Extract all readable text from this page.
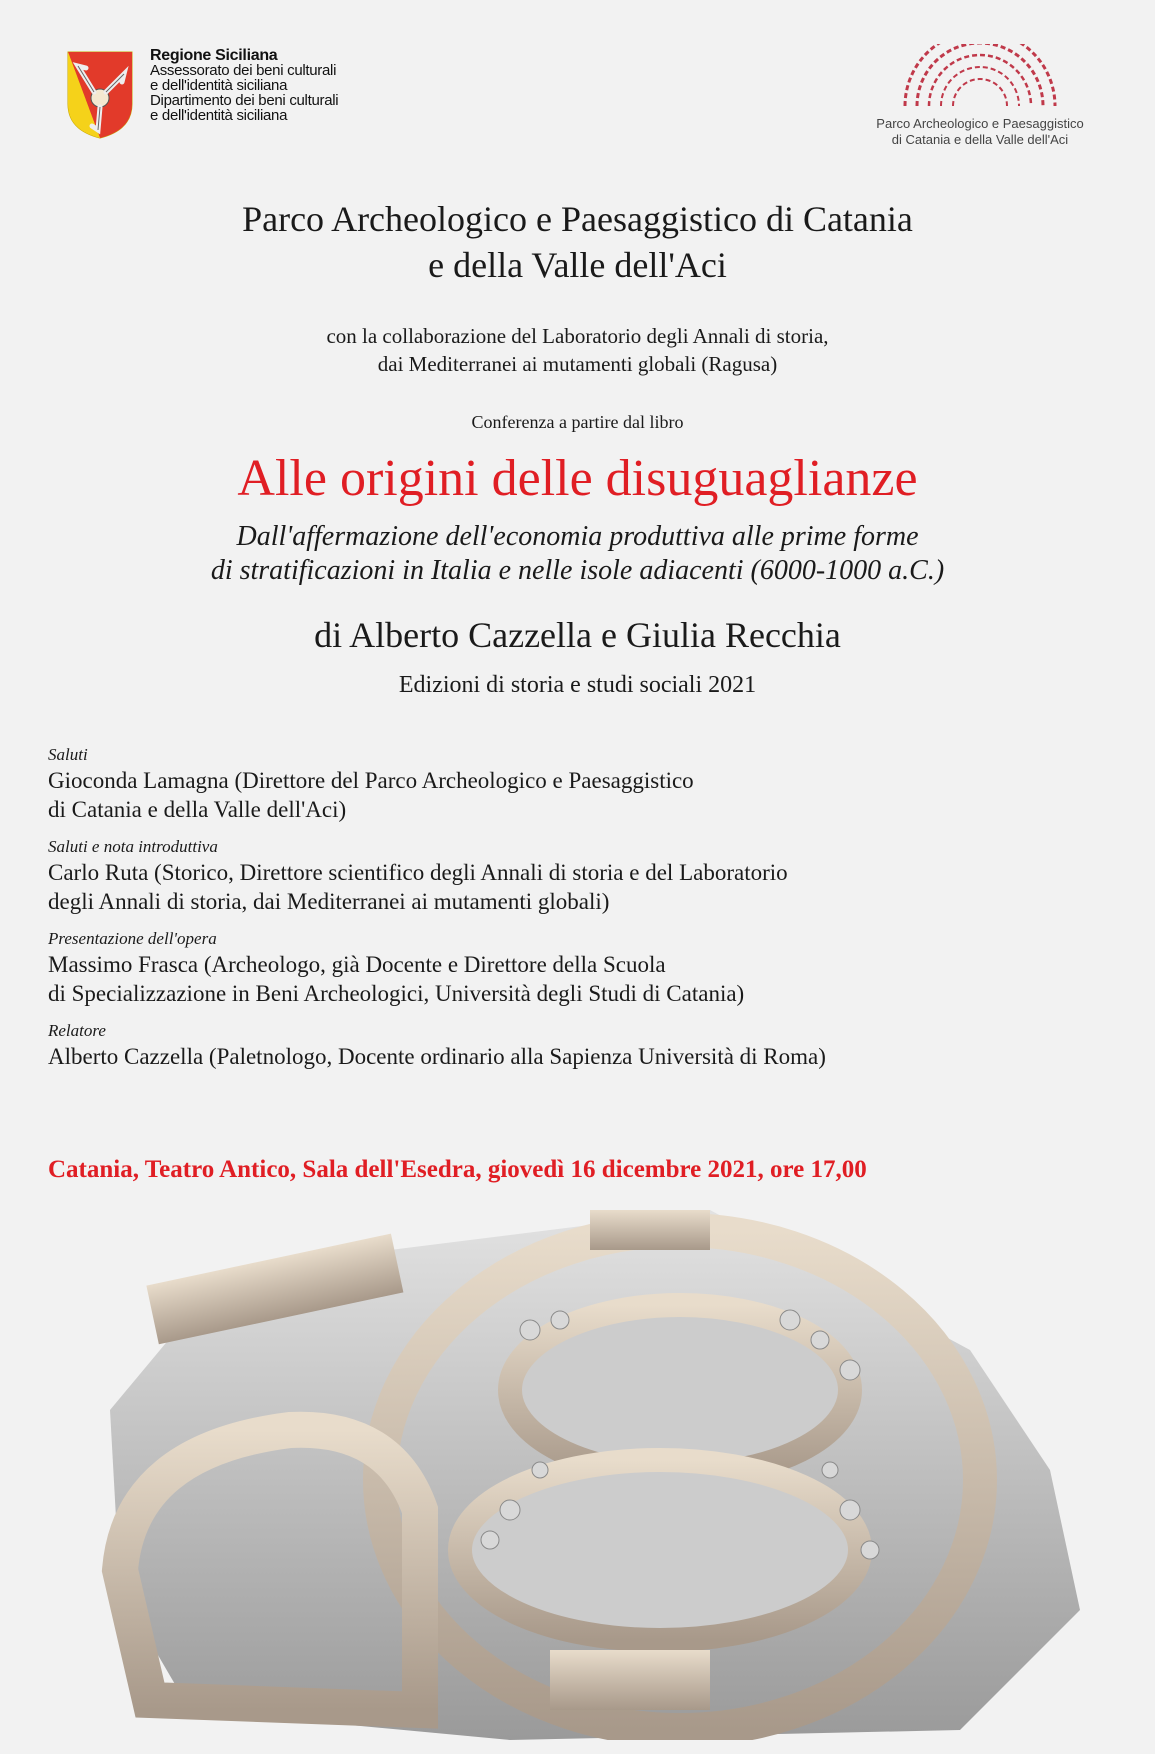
Regione Siciliana
Assessorato dei beni culturali
e dell'identità siciliana
Dipartimento dei beni culturali
e dell'identità siciliana	Parco Archeologico e Paesaggistico
di Catania e della Valle dell'Aci
Parco Archeologico e Paesaggistico di Catania
e della Valle dell'Aci
con la collaborazione del Laboratorio degli Annali di storia,
dai Mediterranei ai mutamenti globali (Ragusa)
Conferenza a partire dal libro
Alle origini delle disuguaglianze
Dall'affermazione dell'economia produttiva alle prime forme
di stratificazioni in Italia e nelle isole adiacenti (6000-1000 a.C.)
di Alberto Cazzella e Giulia Recchia
Edizioni di storia e studi sociali 2021
Saluti
Gioconda Lamagna (Direttore del Parco Archeologico e Paesaggistico
di Catania e della Valle dell'Aci)
Saluti e nota introduttiva
Carlo Ruta (Storico, Direttore scientifico degli Annali di storia e del Laboratorio
degli Annali di storia, dai Mediterranei ai mutamenti globali)
Presentazione dell'opera
Massimo Frasca (Archeologo, già Docente e Direttore della Scuola
di Specializzazione in Beni Archeologici, Università degli Studi di Catania)
Relatore
Alberto Cazzella (Paletnologo, Docente ordinario alla Sapienza Università di Roma)
Catania, Teatro Antico, Sala dell'Esedra, giovedì 16 dicembre 2021, ore 17,00
